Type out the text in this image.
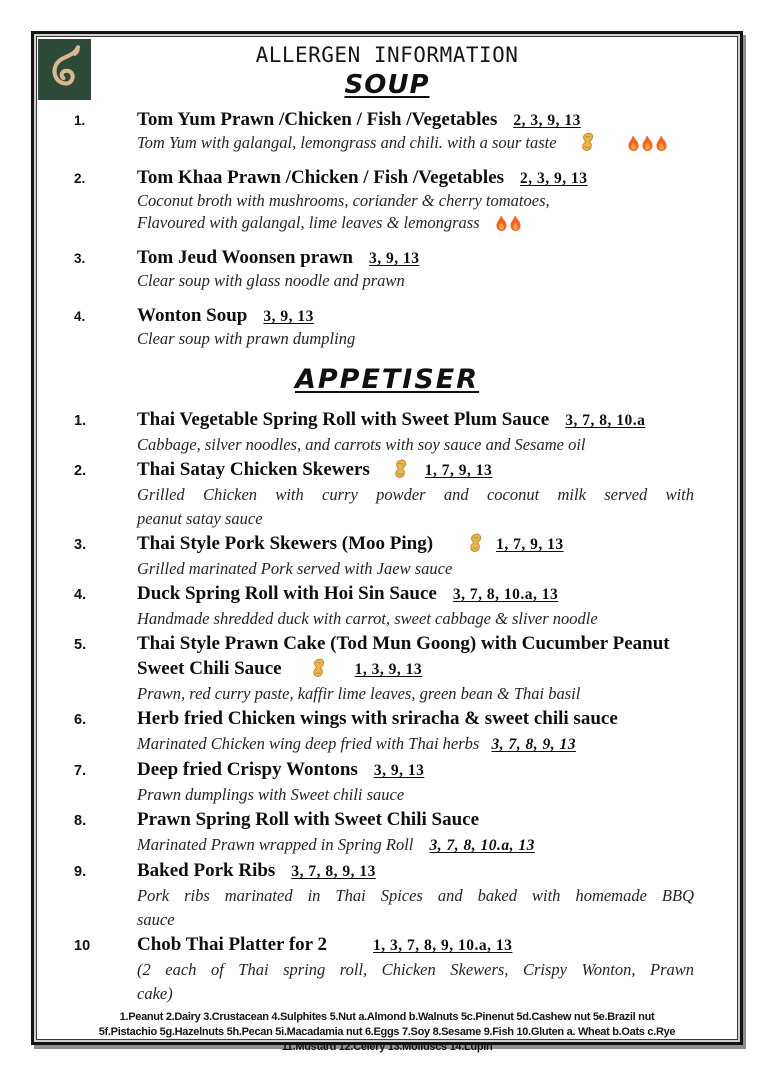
ALLERGEN INFORMATION
SOUP
1.	Tom Yum Prawn /Chicken / Fish /Vegetables 2, 3, 9, 13
Tom Yum with galangal, lemongrass and chili. with a sour taste
2.	Tom Khaa Prawn /Chicken / Fish /Vegetables 2, 3, 9, 13
Coconut broth with mushrooms, coriander & cherry tomatoes,
Flavoured with galangal, lime leaves & lemongrass
3.	Tom Jeud Woonsen prawn 3, 9, 13
Clear soup with glass noodle and prawn
4.	Wonton Soup 3, 9, 13
Clear soup with prawn dumpling
APPETISER
1.	Thai Vegetable Spring Roll with Sweet Plum Sauce 3, 7, 8, 10.a
Cabbage, silver noodles, and carrots with soy sauce and Sesame oil
2.	Thai Satay Chicken Skewers	1, 7, 9, 13
Grilled Chicken with curry powder and coconut milk served with
peanut satay sauce
3.	Thai Style Pork Skewers (Moo Ping)	1, 7, 9, 13
Grilled marinated Pork served with Jaew sauce
4.	Duck Spring Roll with Hoi Sin Sauce 3, 7, 8, 10.a, 13
Handmade shredded duck with carrot, sweet cabbage & sliver noodle
5.	Thai Style Prawn Cake (Tod Mun Goong) with Cucumber Peanut
Sweet Chili Sauce	1, 3, 9, 13
Prawn, red curry paste, kaffir lime leaves, green bean & Thai basil
6.	Herb fried Chicken wings with sriracha & sweet chili sauce
Marinated Chicken wing deep fried with Thai herbs 3, 7, 8, 9, 13
7.	Deep fried Crispy Wontons 3, 9, 13
Prawn dumplings with Sweet chili sauce
8.	Prawn Spring Roll with Sweet Chili Sauce
Marinated Prawn wrapped in Spring Roll 3, 7, 8, 10.a, 13
9.	Baked Pork Ribs 3, 7, 8, 9, 13
Pork ribs marinated in Thai Spices and baked with homemade BBQ
sauce
10	Chob Thai Platter for 2	1, 3, 7, 8, 9, 10.a, 13
(2 each of Thai spring roll, Chicken Skewers, Crispy Wonton, Prawn
cake)
1.Peanut 2.Dairy 3.Crustacean 4.Sulphites 5.Nut a.Almond b.Walnuts 5c.Pinenut 5d.Cashew nut 5e.Brazil nut
5f.Pistachio 5g.Hazelnuts 5h.Pecan 5i.Macadamia nut 6.Eggs 7.Soy 8.Sesame 9.Fish 10.Gluten a. Wheat b.Oats c.Rye
11.Mustard 12.Celery 13.Molluscs 14.Lupin
